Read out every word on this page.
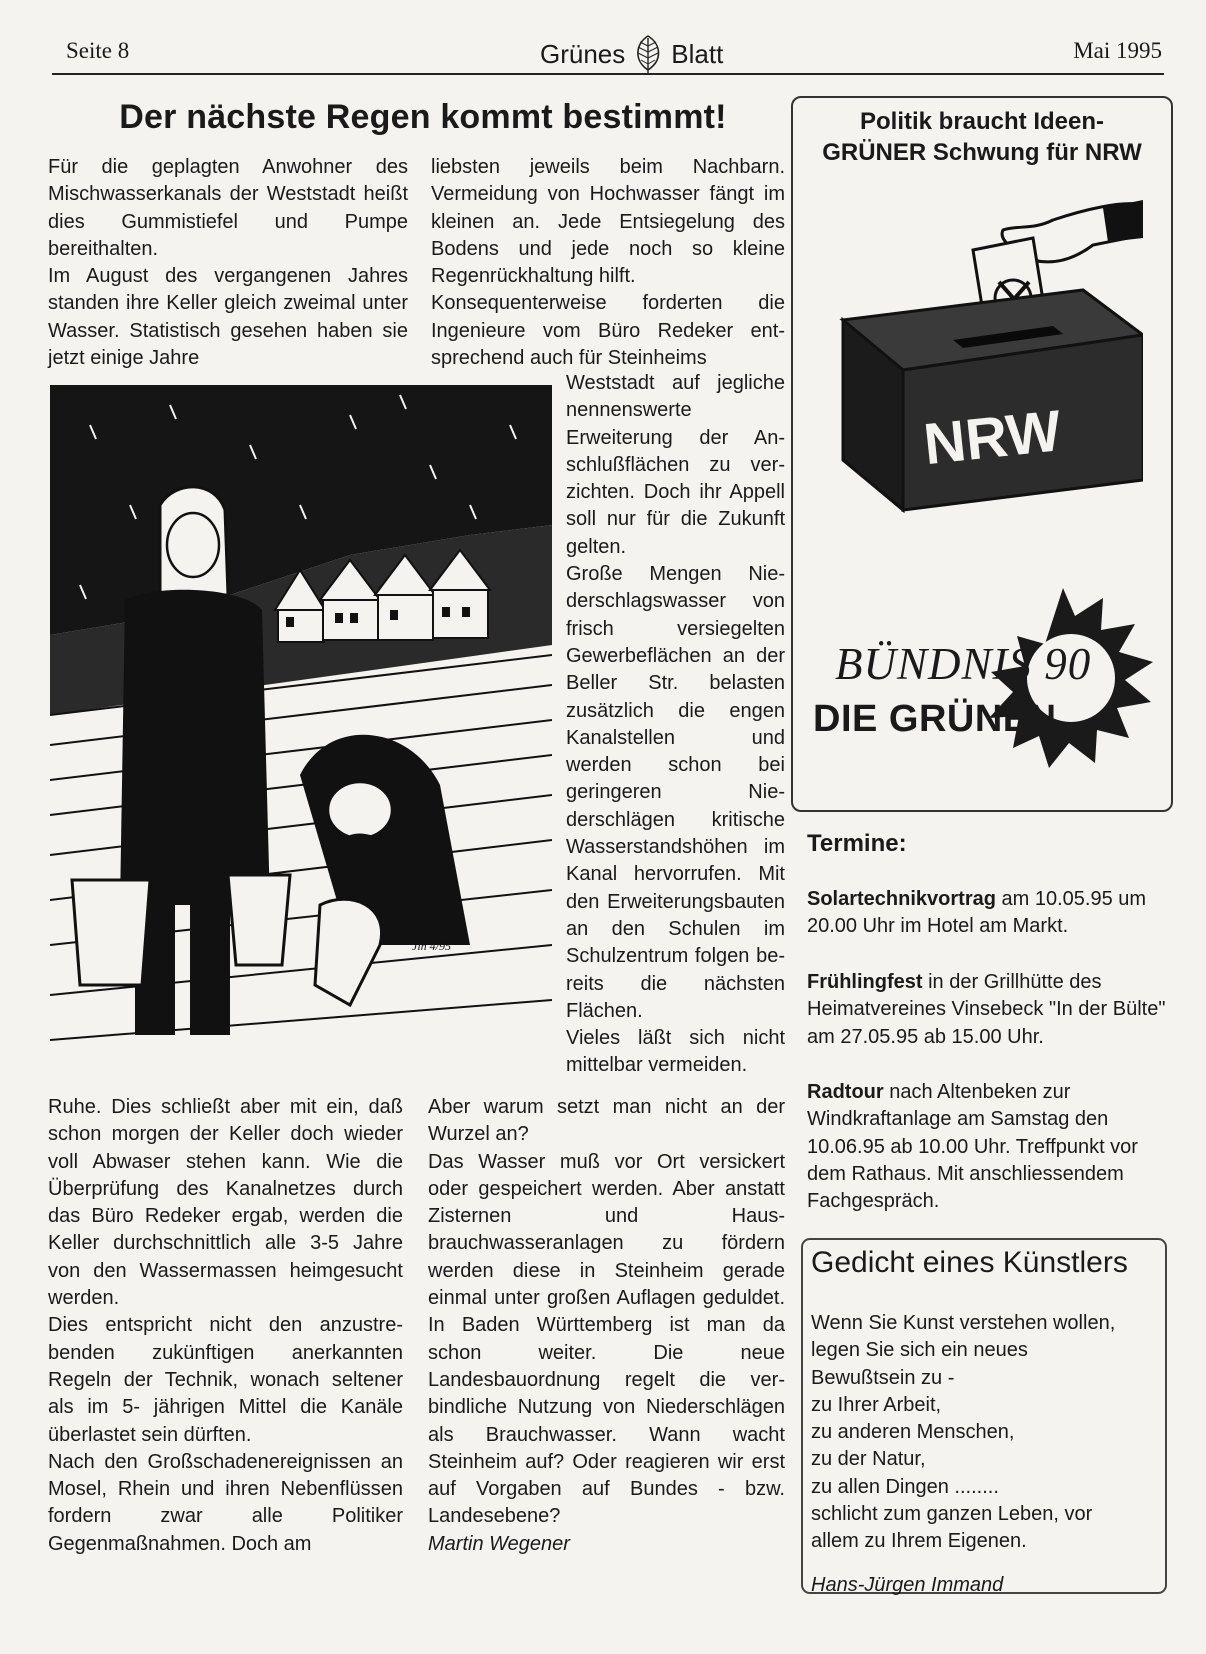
Seite 8	Grünes Blatt	Mai 1995
Der nächste Regen kommt bestimmt!

Für die geplagten Anwohner des Mischwasserkanals der Weststadt heißt dies Gummistiefel und Pumpe bereithalten.

Im August des vergangenen Jahres standen ihre Keller gleich zweimal unter Wasser. Statistisch gesehen haben sie jetzt einige Jahre

liebsten jeweils beim Nachbarn. Vermeidung von Hochwasser fängt im kleinen an. Jede Entsiegelung des Bodens und jede noch so kleine Regenrückhaltung hilft.

Konsequenterweise forderten die Ingenieure vom Büro Redeker entsprechend auch für Steinheims

Jin 4/95

Weststadt auf jegliche nennenswerte Erweiterung der Anschlußflächen zu verzichten. Doch ihr Appell soll nur für die Zukunft gelten.

Große Mengen Niederschlagswasser von frisch versiegelten Gewerbeflächen an der Beller Str. belasten zusätzlich die engen Kanalstellen und werden schon bei geringeren Niederschlägen kritische Wasserstandshöhen im Kanal hervorrufen. Mit den Erweiterungsbauten an den Schulen im Schulzentrum folgen bereits die nächsten Flächen.

Vieles läßt sich nicht mittelbar vermeiden.

Ruhe. Dies schließt aber mit ein, daß schon morgen der Keller doch wieder voll Abwaser stehen kann. Wie die Überprüfung des Kanalnetzes durch das Büro Redeker ergab, werden die Keller durchschnittlich alle 3-5 Jahre von den Wassermassen heimgesucht werden.

Dies entspricht nicht den anzustrebenden zukünftigen anerkannten Regeln der Technik, wonach seltener als im 5- jährigen Mittel die Kanäle überlastet sein dürften.

Nach den Großschadenereignissen an Mosel, Rhein und ihren Nebenflüssen fordern zwar alle Politiker Gegenmaßnahmen. Doch am

Aber warum setzt man nicht an der Wurzel an?

Das Wasser muß vor Ort versickert oder gespeichert werden. Aber anstatt Zisternen und Hausbrauchwasseranlagen zu fördern werden diese in Steinheim gerade einmal unter großen Auflagen geduldet. In Baden Württemberg ist man da schon weiter. Die neue Landesbauordnung regelt die verbindliche Nutzung von Niederschlägen als Brauchwasser. Wann wacht Steinheim auf? Oder reagieren wir erst auf Vorgaben auf Bundes - bzw. Landesebene?

Martin Wegener

Politik braucht Ideen-
GRÜNER Schwung für NRW
NRW
BÜNDNIS 90
DIE GRÜNEN
Termine:
Solartechnikvortrag am 10.05.95 um 20.00 Uhr im Hotel am Markt.
Frühlingfest in der Grillhütte des Heimatvereines Vinsebeck "In der Bülte" am 27.05.95 ab 15.00 Uhr.
Radtour nach Altenbeken zur Windkraftanlage am Samstag den 10.06.95 ab 10.00 Uhr. Treffpunkt vor dem Rathaus. Mit anschliessendem Fachgespräch.
Gedicht eines Künstlers
Wenn Sie Kunst verstehen wollen,
legen Sie sich ein neues
Bewußtsein zu -
zu Ihrer Arbeit,
zu anderen Menschen,
zu der Natur,
zu allen Dingen ........
schlicht zum ganzen Leben, vor
allem zu Ihrem Eigenen.
Hans-Jürgen Immand
